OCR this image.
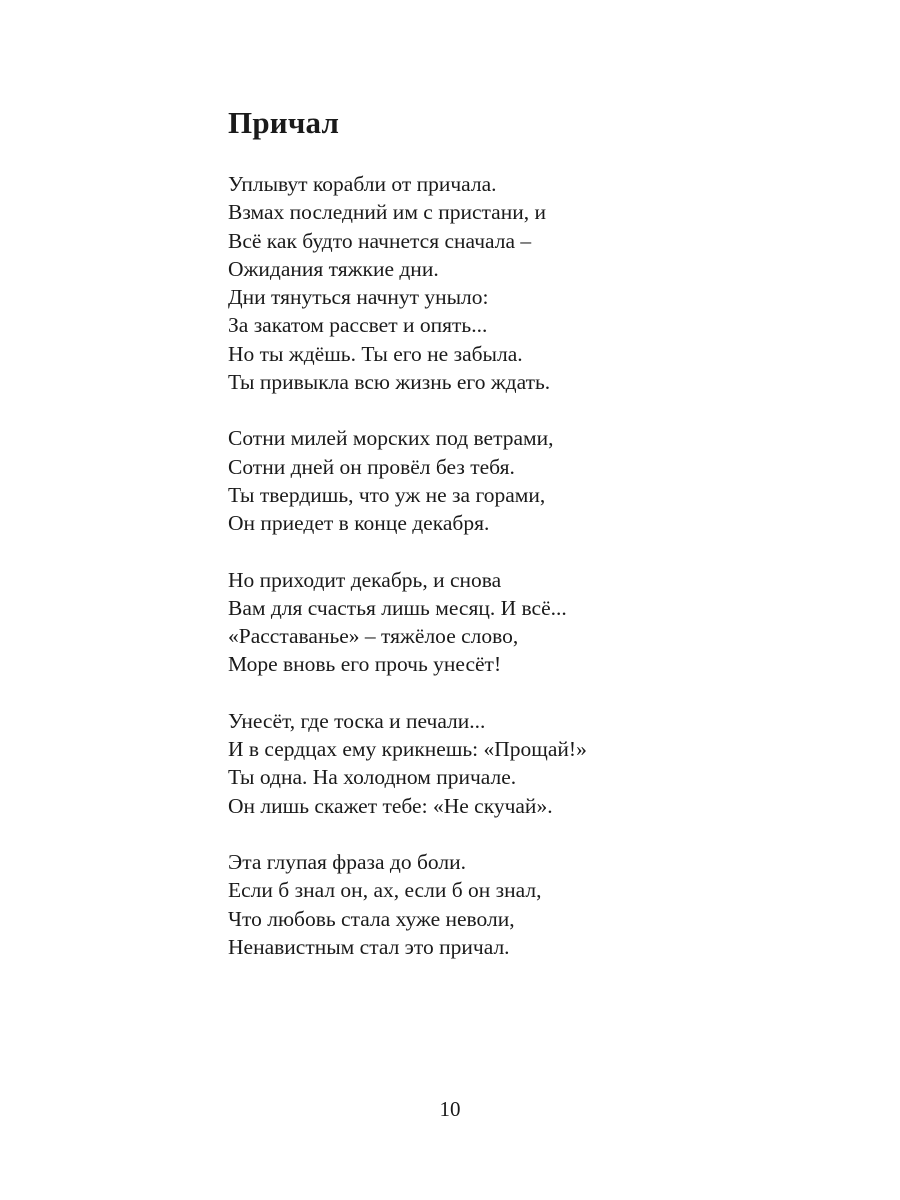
Причал
Уплывут корабли от причала.
Взмах последний им с пристани, и
Всё как будто начнется сначала –
Ожидания тяжкие дни.
Дни тянуться начнут уныло:
За закатом рассвет и опять...
Но ты ждёшь. Ты его не забыла.
Ты привыкла всю жизнь его ждать.
Сотни милей морских под ветрами,
Сотни дней он провёл без тебя.
Ты твердишь, что уж не за горами,
Он приедет в конце декабря.
Но приходит декабрь, и снова
Вам для счастья лишь месяц. И всё...
«Расставанье» – тяжёлое слово,
Море вновь его прочь унесёт!
Унесёт, где тоска и печали...
И в сердцах ему крикнешь: «Прощай!»
Ты одна. На холодном причале.
Он лишь скажет тебе: «Не скучай».
Эта глупая фраза до боли.
Если б знал он, ах, если б он знал,
Что любовь стала хуже неволи,
Ненавистным стал это причал.
10
